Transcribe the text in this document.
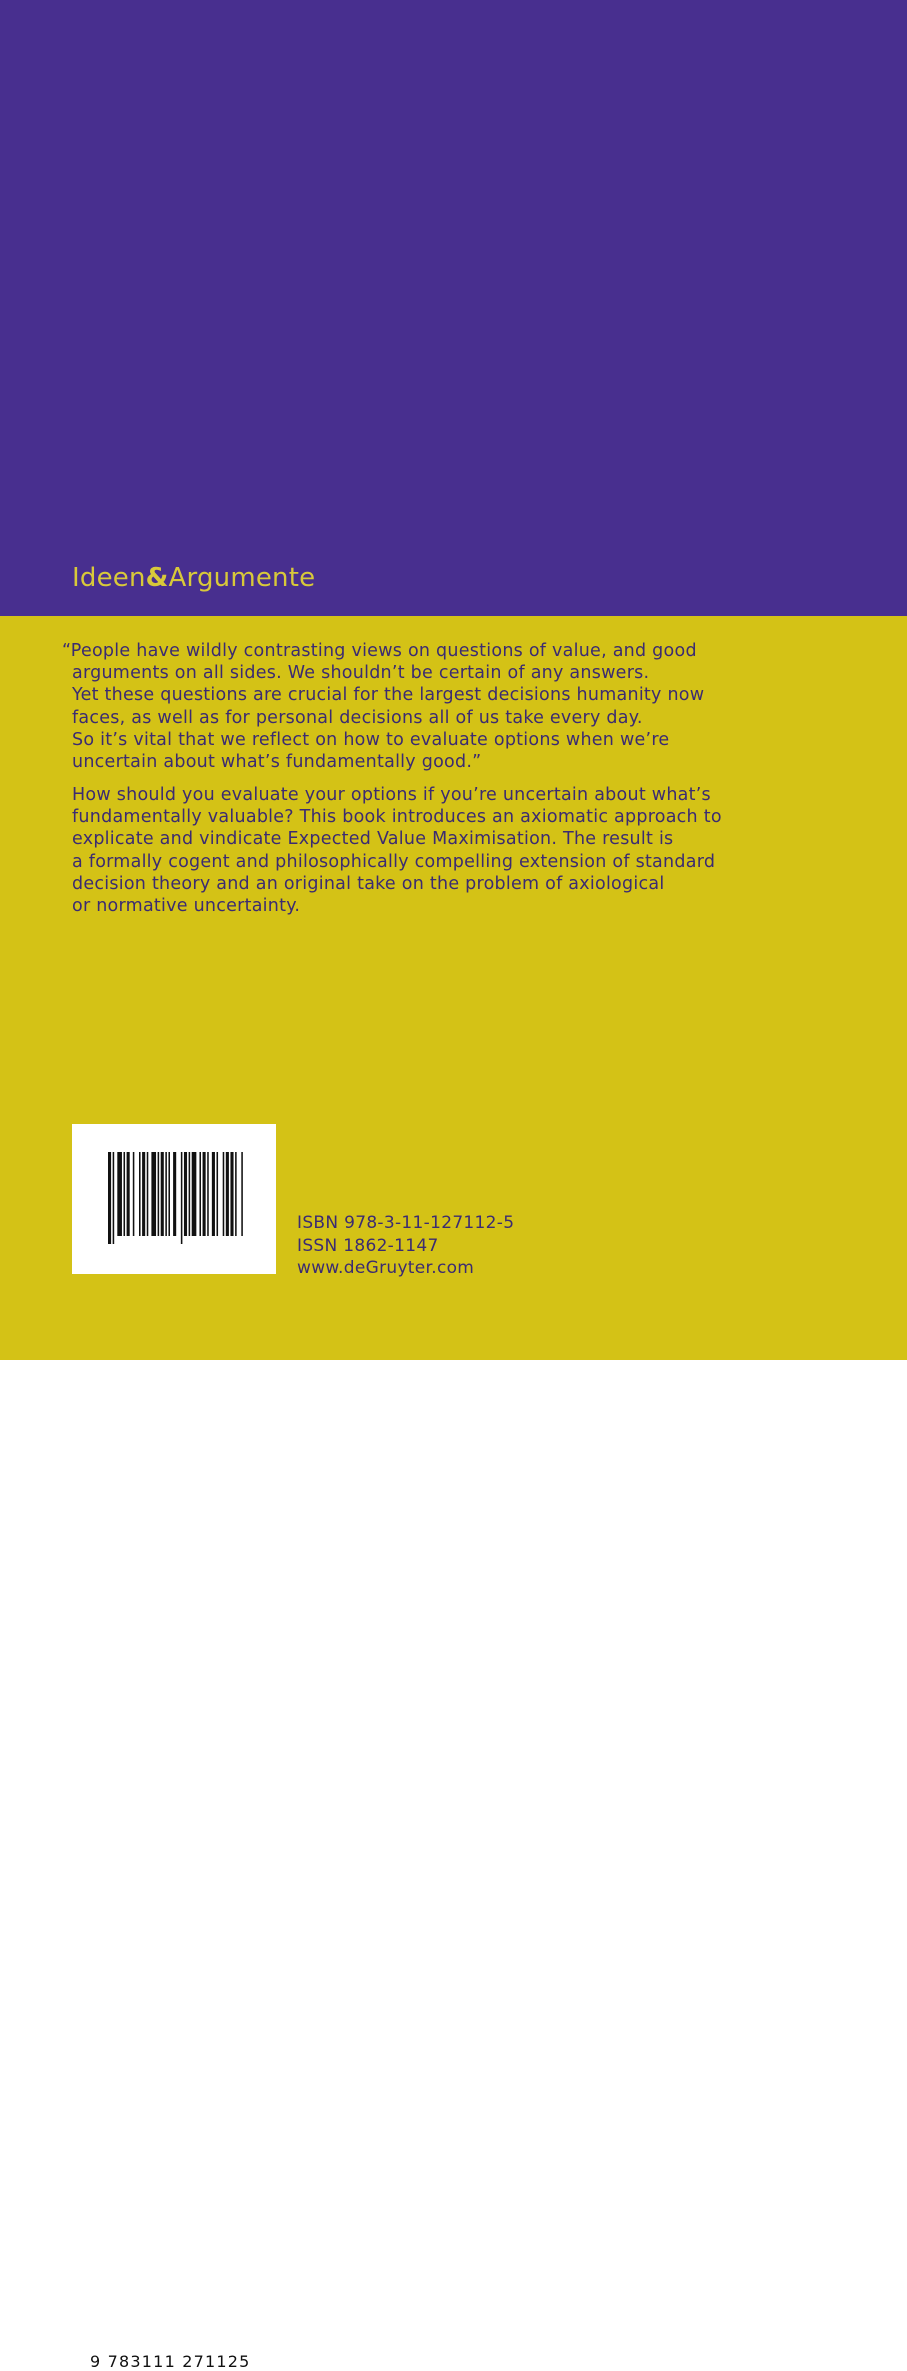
Ideen&Argumente
“People have wildly contrasting views on questions of value, and good
arguments on all sides. We shouldn’t be certain of any answers.
Yet these questions are crucial for the largest decisions humanity now
faces, as well as for personal decisions all of us take every day.
So it’s vital that we reflect on how to evaluate options when we’re
uncertain about what’s fundamentally good.”
How should you evaluate your options if you’re uncertain about what’s
fundamentally valuable? This book introduces an axiomatic approach to
explicate and vindicate Expected Value Maximisation. The result is
a formally cogent and philosophically compelling extension of standard
decision theory and an original take on the problem of axiological
or normative uncertainty.
9 783111 271125
ISBN 978-3-11-127112-5
ISSN 1862-1147
www.deGruyter.com
